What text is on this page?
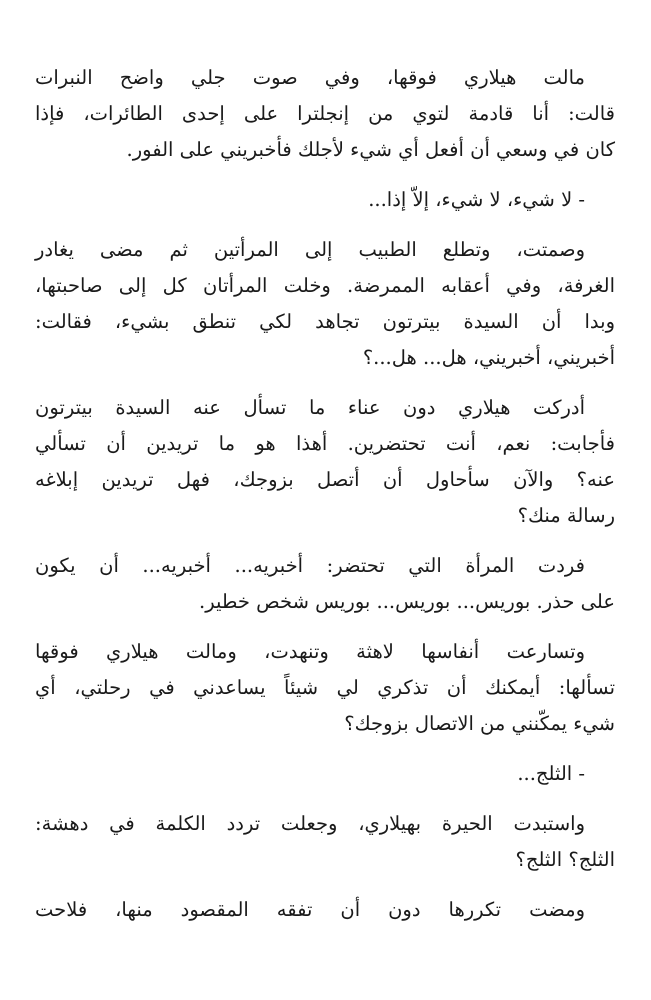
مالت هيلاري فوقها، وفي صوت جلي واضح النبرات
قالت: أنا قادمة لتوي من إنجلترا على إحدى الطائرات، فإذا
كان في وسعي أن أفعل أي شيء لأجلك فأخبريني على الفور.
- لا شيء، لا شيء، إلاّ إذا...
وصمتت، وتطلع الطبيب إلى المرأتين ثم مضى يغادر
الغرفة، وفي أعقابه الممرضة. وخلت المرأتان كل إلى صاحبتها،
وبدا أن السيدة بيترتون تجاهد لكي تنطق بشيء، فقالت:
أخبريني، أخبريني، هل... هل...؟
أدركت هيلاري دون عناء ما تسأل عنه السيدة بيترتون
فأجابت: نعم، أنت تحتضرين. أهذا هو ما تريدين أن تسألي
عنه؟ والآن سأحاول أن أتصل بزوجك، فهل تريدين إبلاغه
رسالة منك؟
فردت المرأة التي تحتضر: أخبريه... أخبريه... أن يكون
على حذر. بوريس... بوريس... بوريس شخص خطير.
وتسارعت أنفاسها لاهثة وتنهدت، ومالت هيلاري فوقها
تسألها: أيمكنك أن تذكري لي شيئاً يساعدني في رحلتي، أي
شيء يمكّنني من الاتصال بزوجك؟
- الثلج...
واستبدت الحيرة بهيلاري، وجعلت تردد الكلمة في دهشة:
الثلج؟ الثلج؟
ومضت تكررها دون أن تفقه المقصود منها، فلاحت
